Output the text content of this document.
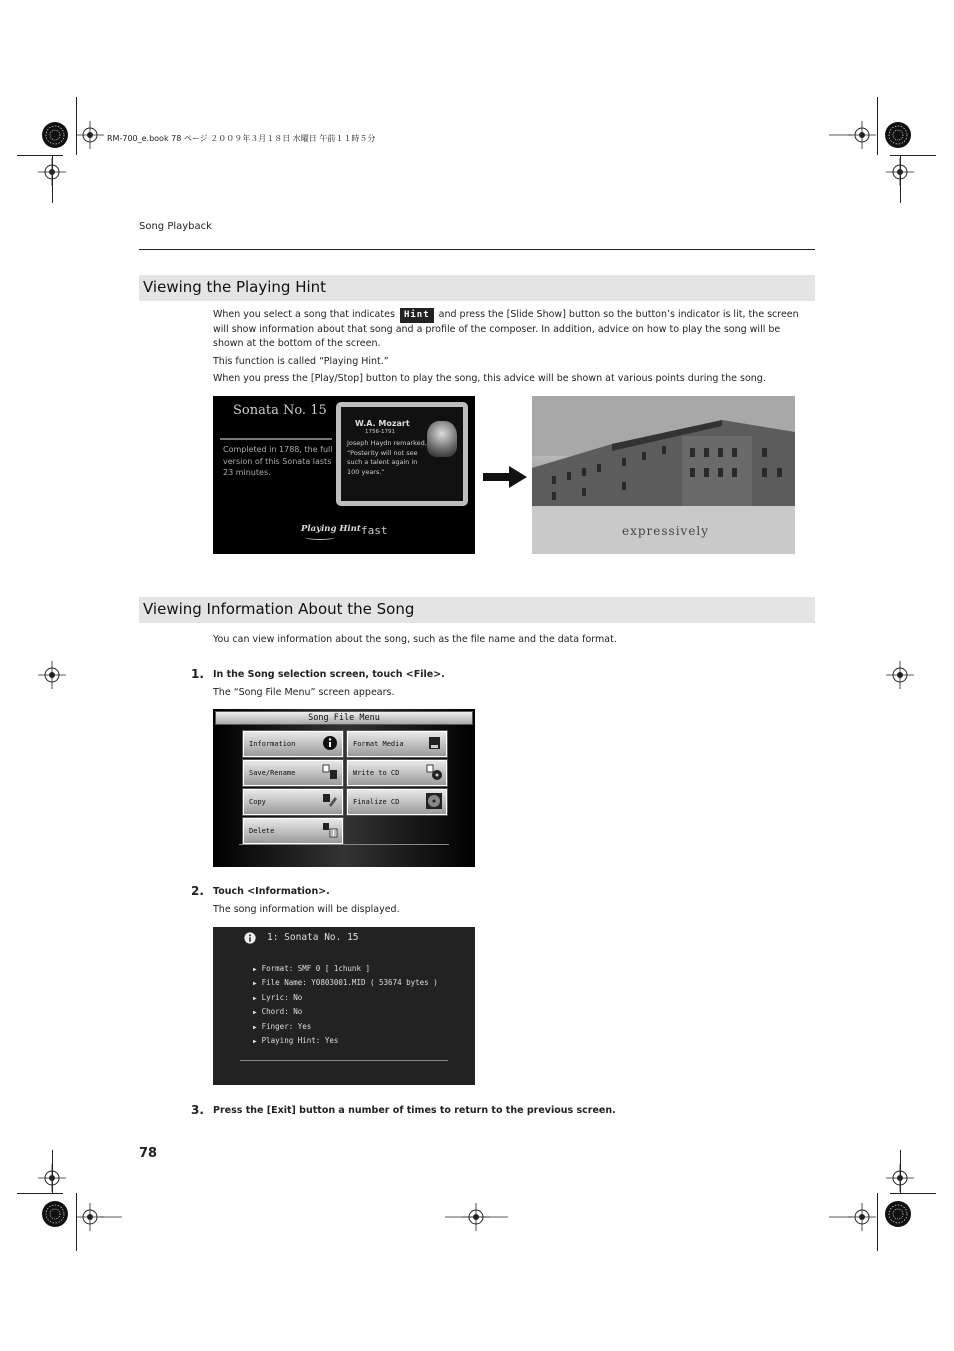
RM-700_e.book 78 ページ ２００９年３月１８日 水曜日 午前１１時５分
Song Playback
Viewing the Playing Hint
When you select a song that indicates Hint and press the [Slide Show] button so the button’s indicator is lit, the screen will show information about that song and a profile of the composer. In addition, advice on how to play the song will be shown at the bottom of the screen.
This function is called “Playing Hint.”
When you press the [Play/Stop] button to play the song, this advice will be shown at various points during the song.
Sonata No. 15
Completed in 1788, the full version of this Sonata lasts 23 minutes.
W.A. Mozart
1756-1791
Joseph Haydn remarked, “Posterity will not see such a talent again in 100 years.”
Playing Hint fast	expressively
Viewing Information About the Song
You can view information about the song, such as the file name and the data format.
1. In the Song selection screen, touch <File>.
The “Song File Menu” screen appears.
Song File Menu
Information	Format Media
Save/Rename	Write to CD
Copy	Finalize CD
Delete
2. Touch <Information>.
The song information will be displayed.
1: Sonata No. 15
▶ Format: SMF 0 [ 1chunk ]
▶ File Name: Y0803001.MID ( 53674 bytes )
▶ Lyric: No
▶ Chord: No
▶ Finger: Yes
▶ Playing Hint: Yes
3. Press the [Exit] button a number of times to return to the previous screen.
78
